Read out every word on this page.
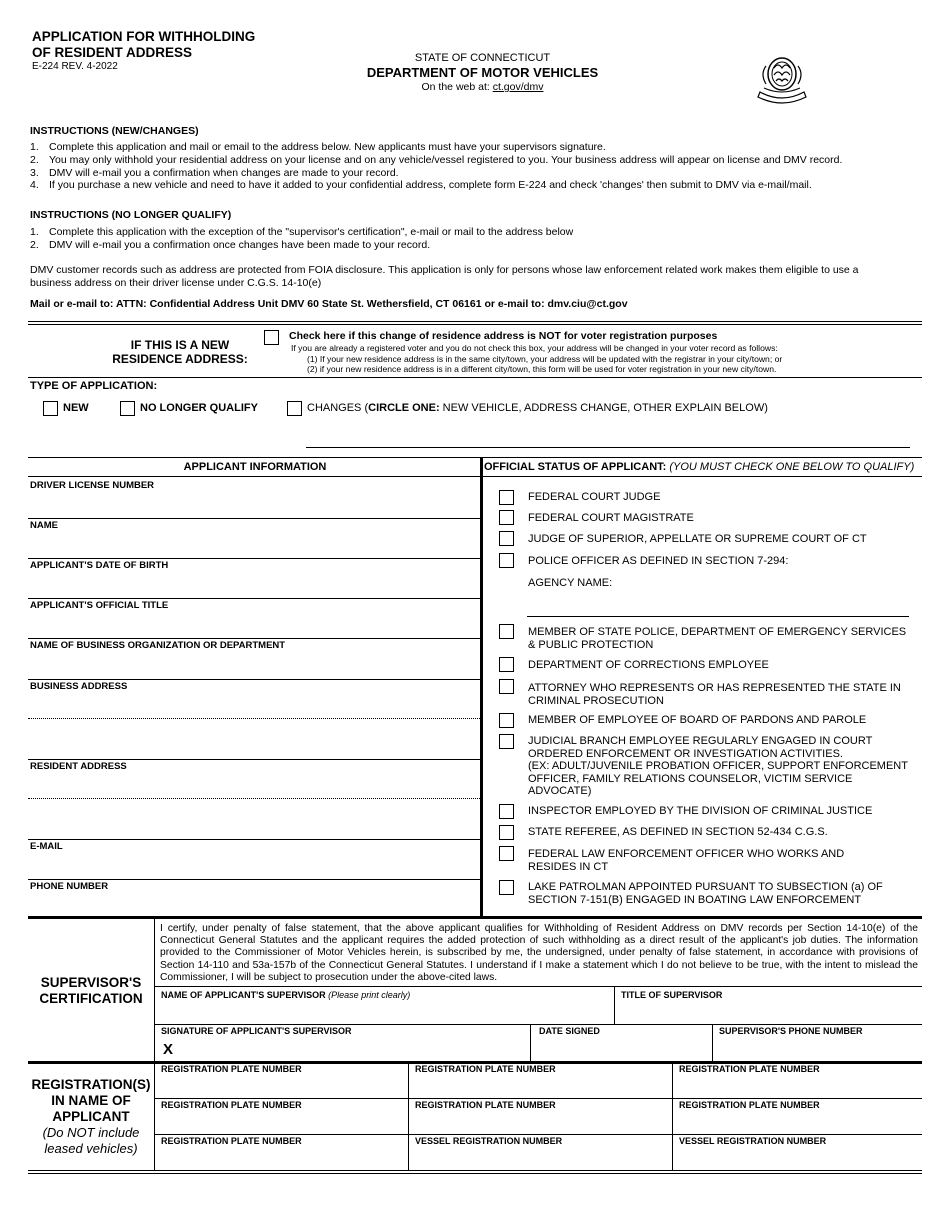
APPLICATION FOR WITHHOLDING
OF RESIDENT ADDRESS
E-224 REV. 4-2022
STATE OF CONNECTICUT
DEPARTMENT OF MOTOR VEHICLES
On the web at: ct.gov/dmv
INSTRUCTIONS (NEW/CHANGES)
1. Complete this application and mail or email to the address below. New applicants must have your supervisors signature.
2. You may only withhold your residential address on your license and on any vehicle/vessel registered to you. Your business address will appear on license and DMV record.
3. DMV will e-mail you a confirmation when changes are made to your record.
4. If you purchase a new vehicle and need to have it added to your confidential address, complete form E-224 and check 'changes' then submit to DMV via e-mail/mail.
INSTRUCTIONS (NO LONGER QUALIFY)
1. Complete this application with the exception of the "supervisor's certification", e-mail or mail to the address below
2. DMV will e-mail you a confirmation once changes have been made to your record.
DMV customer records such as address are protected from FOIA disclosure. This application is only for persons whose law enforcement related work makes them eligible to use a business address on their driver license under C.G.S. 14-10(e)
Mail or e-mail to: ATTN: Confidential Address Unit DMV 60 State St. Wethersfield, CT 06161 or e-mail to: dmv.ciu@ct.gov
IF THIS IS A NEW
RESIDENCE ADDRESS:
Check here if this change of residence address is NOT for voter registration purposes
If you are already a registered voter and you do not check this box, your address will be changed in your voter record as follows:
(1) If your new residence address is in the same city/town, your address will be updated with the registrar in your city/town; or
(2) if your new residence address is in a different city/town, this form will be used for voter registration in your new city/town.
TYPE OF APPLICATION:
NEW	NO LONGER QUALIFY	CHANGES (CIRCLE ONE: NEW VEHICLE, ADDRESS CHANGE, OTHER EXPLAIN BELOW)
APPLICANT INFORMATION
DRIVER LICENSE NUMBER
NAME
APPLICANT'S DATE OF BIRTH
APPLICANT'S OFFICIAL TITLE
NAME OF BUSINESS ORGANIZATION OR DEPARTMENT
BUSINESS ADDRESS
RESIDENT ADDRESS
E-MAIL
PHONE NUMBER
OFFICIAL STATUS OF APPLICANT: (YOU MUST CHECK ONE BELOW TO QUALIFY)
FEDERAL COURT JUDGE
FEDERAL COURT MAGISTRATE
JUDGE OF SUPERIOR, APPELLATE OR SUPREME COURT OF CT
POLICE OFFICER AS DEFINED IN SECTION 7-294:
AGENCY NAME:
MEMBER OF STATE POLICE, DEPARTMENT OF EMERGENCY SERVICES & PUBLIC PROTECTION
DEPARTMENT OF CORRECTIONS EMPLOYEE
ATTORNEY WHO REPRESENTS OR HAS REPRESENTED THE STATE IN CRIMINAL PROSECUTION
MEMBER OF EMPLOYEE OF BOARD OF PARDONS AND PAROLE
JUDICIAL BRANCH EMPLOYEE REGULARLY ENGAGED IN COURT ORDERED ENFORCEMENT OR INVESTIGATION ACTIVITIES.
(EX: ADULT/JUVENILE PROBATION OFFICER, SUPPORT ENFORCEMENT OFFICER, FAMILY RELATIONS COUNSELOR, VICTIM SERVICE ADVOCATE)
INSPECTOR EMPLOYED BY THE DIVISION OF CRIMINAL JUSTICE
STATE REFEREE, AS DEFINED IN SECTION 52-434 C.G.S.
FEDERAL LAW ENFORCEMENT OFFICER WHO WORKS AND RESIDES IN CT
LAKE PATROLMAN APPOINTED PURSUANT TO SUBSECTION (a) OF SECTION 7-151(B) ENGAGED IN BOATING LAW ENFORCEMENT
SUPERVISOR'S
CERTIFICATION
I certify, under penalty of false statement, that the above applicant qualifies for Withholding of Resident Address on DMV records per Section 14-10(e) of the Connecticut General Statutes and the applicant requires the added protection of such withholding as a direct result of the applicant's job duties. The information provided to the Commissioner of Motor Vehicles herein, is subscribed by me, the undersigned, under penalty of false statement, in accordance with provisions of Section 14-110 and 53a-157b of the Connecticut General Statutes. I understand if I make a statement which I do not believe to be true, with the intent to mislead the Commissioner, I will be subject to prosecution under the above-cited laws.
NAME OF APPLICANT'S SUPERVISOR (Please print clearly)	TITLE OF SUPERVISOR
SIGNATURE OF APPLICANT'S SUPERVISOR
X
DATE SIGNED	SUPERVISOR'S PHONE NUMBER
REGISTRATION(S)
IN NAME OF
APPLICANT
(Do NOT include
leased vehicles)
REGISTRATION PLATE NUMBER	REGISTRATION PLATE NUMBER	REGISTRATION PLATE NUMBER
REGISTRATION PLATE NUMBER	REGISTRATION PLATE NUMBER	REGISTRATION PLATE NUMBER
REGISTRATION PLATE NUMBER	VESSEL REGISTRATION NUMBER	VESSEL REGISTRATION NUMBER
